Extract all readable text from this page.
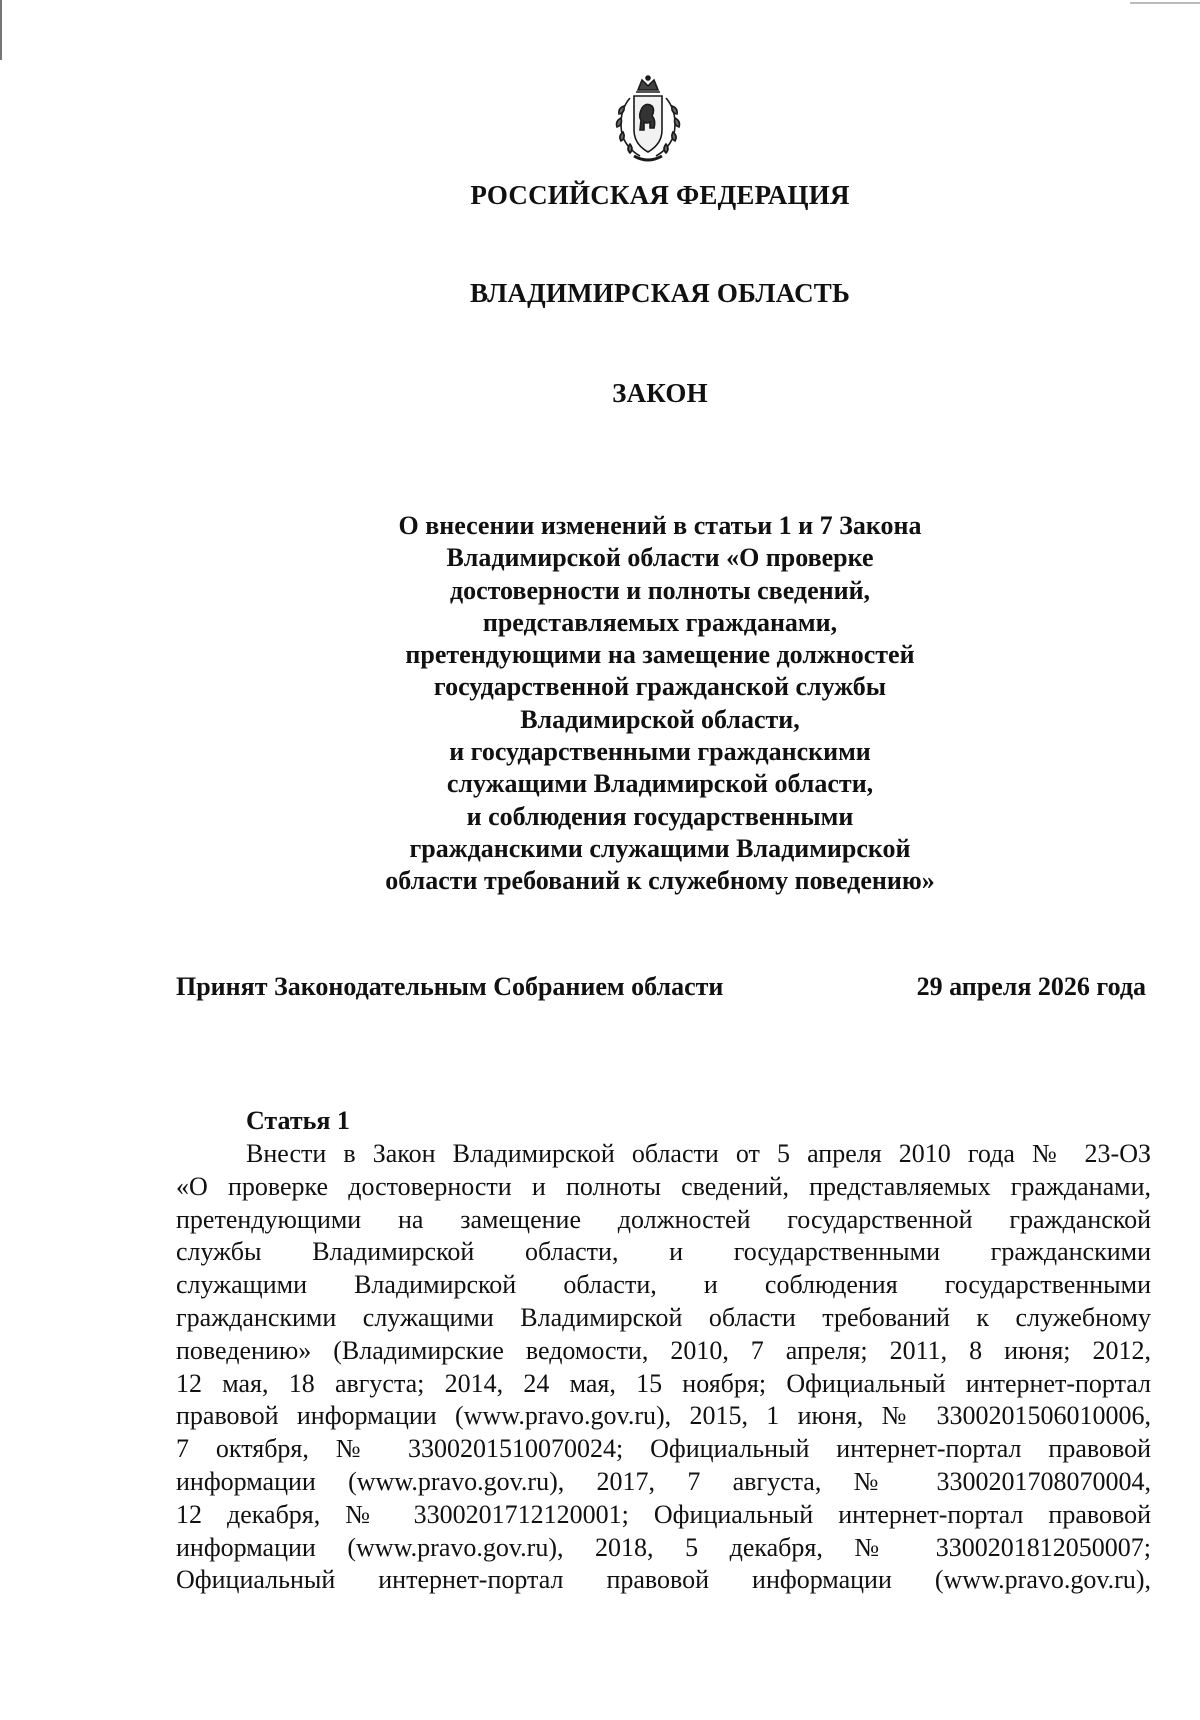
РОССИЙСКАЯ ФЕДЕРАЦИЯ
ВЛАДИМИРСКАЯ ОБЛАСТЬ
ЗАКОН
О внесении изменений в статьи 1 и 7 Закона
Владимирской области «О проверке
достоверности и полноты сведений,
представляемых гражданами,
претендующими на замещение должностей
государственной гражданской службы
Владимирской области,
и государственными гражданскими
служащими Владимирской области,
и соблюдения государственными
гражданскими служащими Владимирской
области требований к служебному поведению»
Принят Законодательным Собранием области	29 апреля 2026 года
Статья 1
Внести в Закон Владимирской области от 5 апреля 2010 года № 23-ОЗ
«О проверке достоверности и полноты сведений, представляемых гражданами,
претендующими на замещение должностей государственной гражданской
службы Владимирской области, и государственными гражданскими
служащими Владимирской области, и соблюдения государственными
гражданскими служащими Владимирской области требований к служебному
поведению» (Владимирские ведомости, 2010, 7 апреля; 2011, 8 июня; 2012,
12 мая, 18 августа; 2014, 24 мая, 15 ноября; Официальный интернет-портал
правовой информации (www.pravo.gov.ru), 2015, 1 июня, № 3300201506010006,
7 октября, № 3300201510070024; Официальный интернет-портал правовой
информации (www.pravo.gov.ru), 2017, 7 августа, № 3300201708070004,
12 декабря, № 3300201712120001; Официальный интернет-портал правовой
информации (www.pravo.gov.ru), 2018, 5 декабря, № 3300201812050007;
Официальный интернет-портал правовой информации (www.pravo.gov.ru),
